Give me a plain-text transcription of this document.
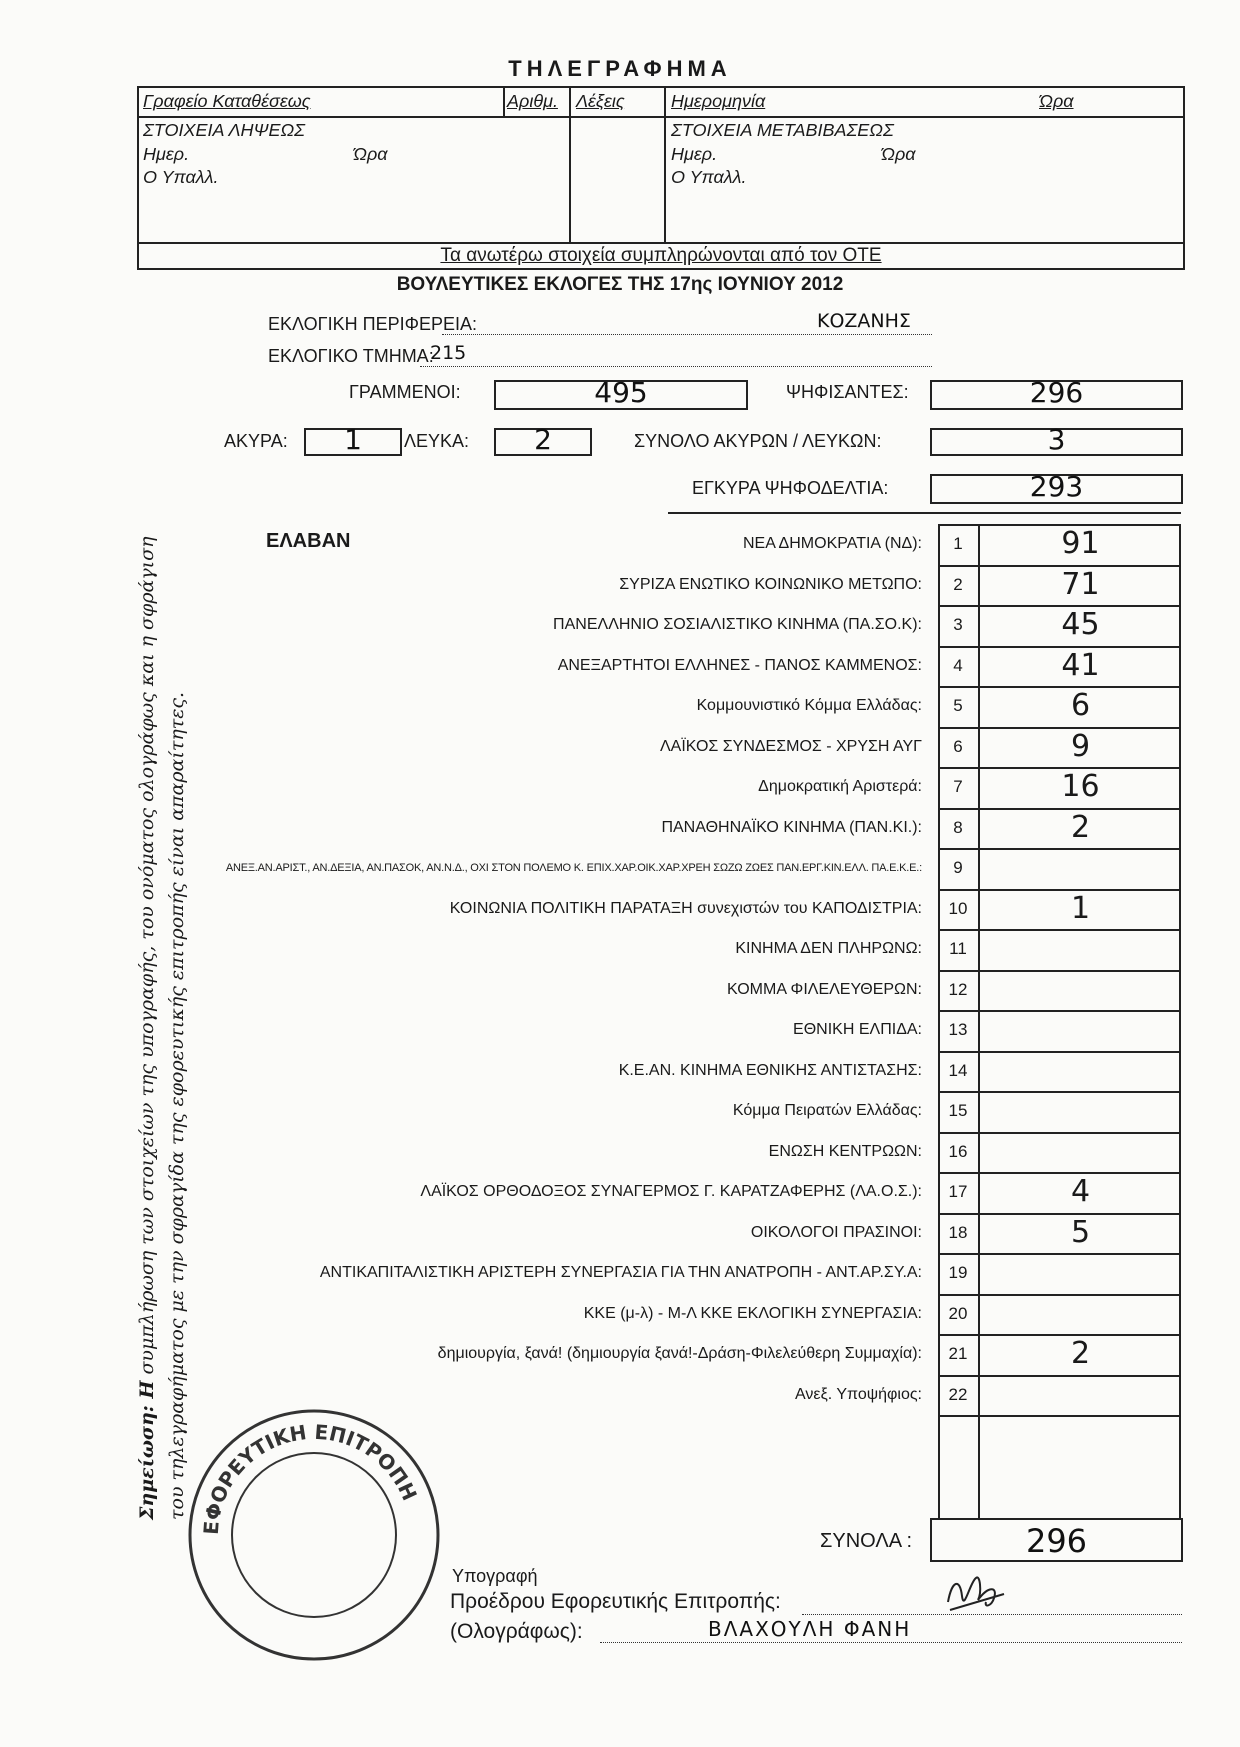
ΤΗΛΕΓΡΑΦΗΜΑ
Γραφείο Καταθέσεως	Αριθμ. Λέξεις	Ημερομηνία	Ώρα
ΣΤΟΙΧΕΙΑ ΛΗΨΕΩΣ
Ημερ.	Ώρα
Ο Υπαλλ.
ΣΤΟΙΧΕΙΑ ΜΕΤΑΒΙΒΑΣΕΩΣ
Ημερ.	Ώρα
Ο Υπαλλ.
Τα ανωτέρω στοιχεία συμπληρώνονται από τον ΟΤΕ
ΒΟΥΛΕΥΤΙΚΕΣ ΕΚΛΟΓΕΣ ΤΗΣ 17ης ΙΟΥΝΙΟΥ 2012
ΕΚΛΟΓΙΚΗ ΠΕΡΙΦΕΡΕΙΑ:	ΚΟΖΑΝΗΣ
ΕΚΛΟΓΙΚΟ ΤΜΗΜΑ:
215
ΓΡΑΜΜΕΝΟΙ:	495	ΨΗΦΙΣΑΝΤΕΣ:	296
ΑΚΥΡΑ:	1	ΛΕΥΚΑ:	2	ΣΥΝΟΛΟ ΑΚΥΡΩΝ / ΛΕΥΚΩΝ:	3
ΕΓΚΥΡΑ ΨΗΦΟΔΕΛΤΙΑ:	293
ΕΛΑΒΑΝ	ΝΕΑ ΔΗΜΟΚΡΑΤΙΑ (ΝΔ):	1	91
ΣΥΡΙΖΑ ΕΝΩΤΙΚΟ ΚΟΙΝΩΝΙΚΟ ΜΕΤΩΠΟ:	2	71
ΠΑΝΕΛΛΗΝΙΟ ΣΟΣΙΑΛΙΣΤΙΚΟ ΚΙΝΗΜΑ (ΠΑ.ΣΟ.Κ):	3	45
ΑΝΕΞΑΡΤΗΤΟΙ ΕΛΛΗΝΕΣ - ΠΑΝΟΣ ΚΑΜΜΕΝΟΣ:	4	41
Κομμουνιστικό Κόμμα Ελλάδας:	5	6
ΛΑΪΚΟΣ ΣΥΝΔΕΣΜΟΣ - ΧΡΥΣΗ ΑΥΓ	6	9
Δημοκρατική Αριστερά:	7	16
ΠΑΝΑΘΗΝΑΪΚΟ ΚΙΝΗΜΑ (ΠΑΝ.ΚΙ.):	8	2
ΑΝΕΞ.ΑΝ.ΑΡΙΣΤ., ΑΝ.ΔΕΞΙΑ, ΑΝ.ΠΑΣΟΚ, ΑΝ.Ν.Δ., ΟΧΙ ΣΤΟΝ ΠΟΛΕΜΟ Κ. ΕΠΙΧ.ΧΑΡ.ΟΙΚ.ΧΑΡ.ΧΡΕΗ ΣΩΖΩ ΖΩΕΣ ΠΑΝ.ΕΡΓ.ΚΙΝ.ΕΛΛ. ΠΑ.Ε.Κ.Ε.:	9
ΚΟΙΝΩΝΙΑ ΠΟΛΙΤΙΚΗ ΠΑΡΑΤΑΞΗ συνεχιστών του ΚΑΠΟΔΙΣΤΡΙΑ:	10	1
ΚΙΝΗΜΑ ΔΕΝ ΠΛΗΡΩΝΩ:	11
ΚΟΜΜΑ ΦΙΛΕΛΕΥΘΕΡΩΝ:	12
ΕΘΝΙΚΗ ΕΛΠΙΔΑ:	13
Κ.Ε.ΑΝ. ΚΙΝΗΜΑ ΕΘΝΙΚΗΣ ΑΝΤΙΣΤΑΣΗΣ:	14
Κόμμα Πειρατών Ελλάδας:	15
ΕΝΩΣΗ ΚΕΝΤΡΩΩΝ:	16
ΛΑΪΚΟΣ ΟΡΘΟΔΟΞΟΣ ΣΥΝΑΓΕΡΜΟΣ Γ. ΚΑΡΑΤΖΑΦΕΡΗΣ (ΛΑ.Ο.Σ.):	17	4
ΟΙΚΟΛΟΓΟΙ ΠΡΑΣΙΝΟΙ:	18	5
ΑΝΤΙΚΑΠΙΤΑΛΙΣΤΙΚΗ ΑΡΙΣΤΕΡΗ ΣΥΝΕΡΓΑΣΙΑ ΓΙΑ ΤΗΝ ΑΝΑΤΡΟΠΗ - ΑΝΤ.ΑΡ.ΣΥ.Α:	19
ΚΚΕ (μ-λ) - Μ-Λ ΚΚΕ ΕΚΛΟΓΙΚΗ ΣΥΝΕΡΓΑΣΙΑ:	20
δημιουργία, ξανά! (δημιουργία ξανά!-Δράση-Φιλελεύθερη Συμμαχία):	21	2
Ανεξ. Υποψήφιος:	22
ΣΥΝΟΛΑ :	296
Υπογραφή
Προέδρου Εφορευτικής Επιτροπής:
(Ολογράφως):	ΒΛΑΧΟΥΛΗ ΦΑΝΗ
Σημείωση: Η συμπλήρωση των στοιχείων της υπογραφής, του ονόματος ολογράφως και η σφράγιση του τηλεγραφήματος με την σφραγίδα της εφορευτικής επιτροπής είναι απαραίτητες.
ΕΦΟΡΕΥΤΙΚΗ ΕΠΙΤΡΟΠΗ
